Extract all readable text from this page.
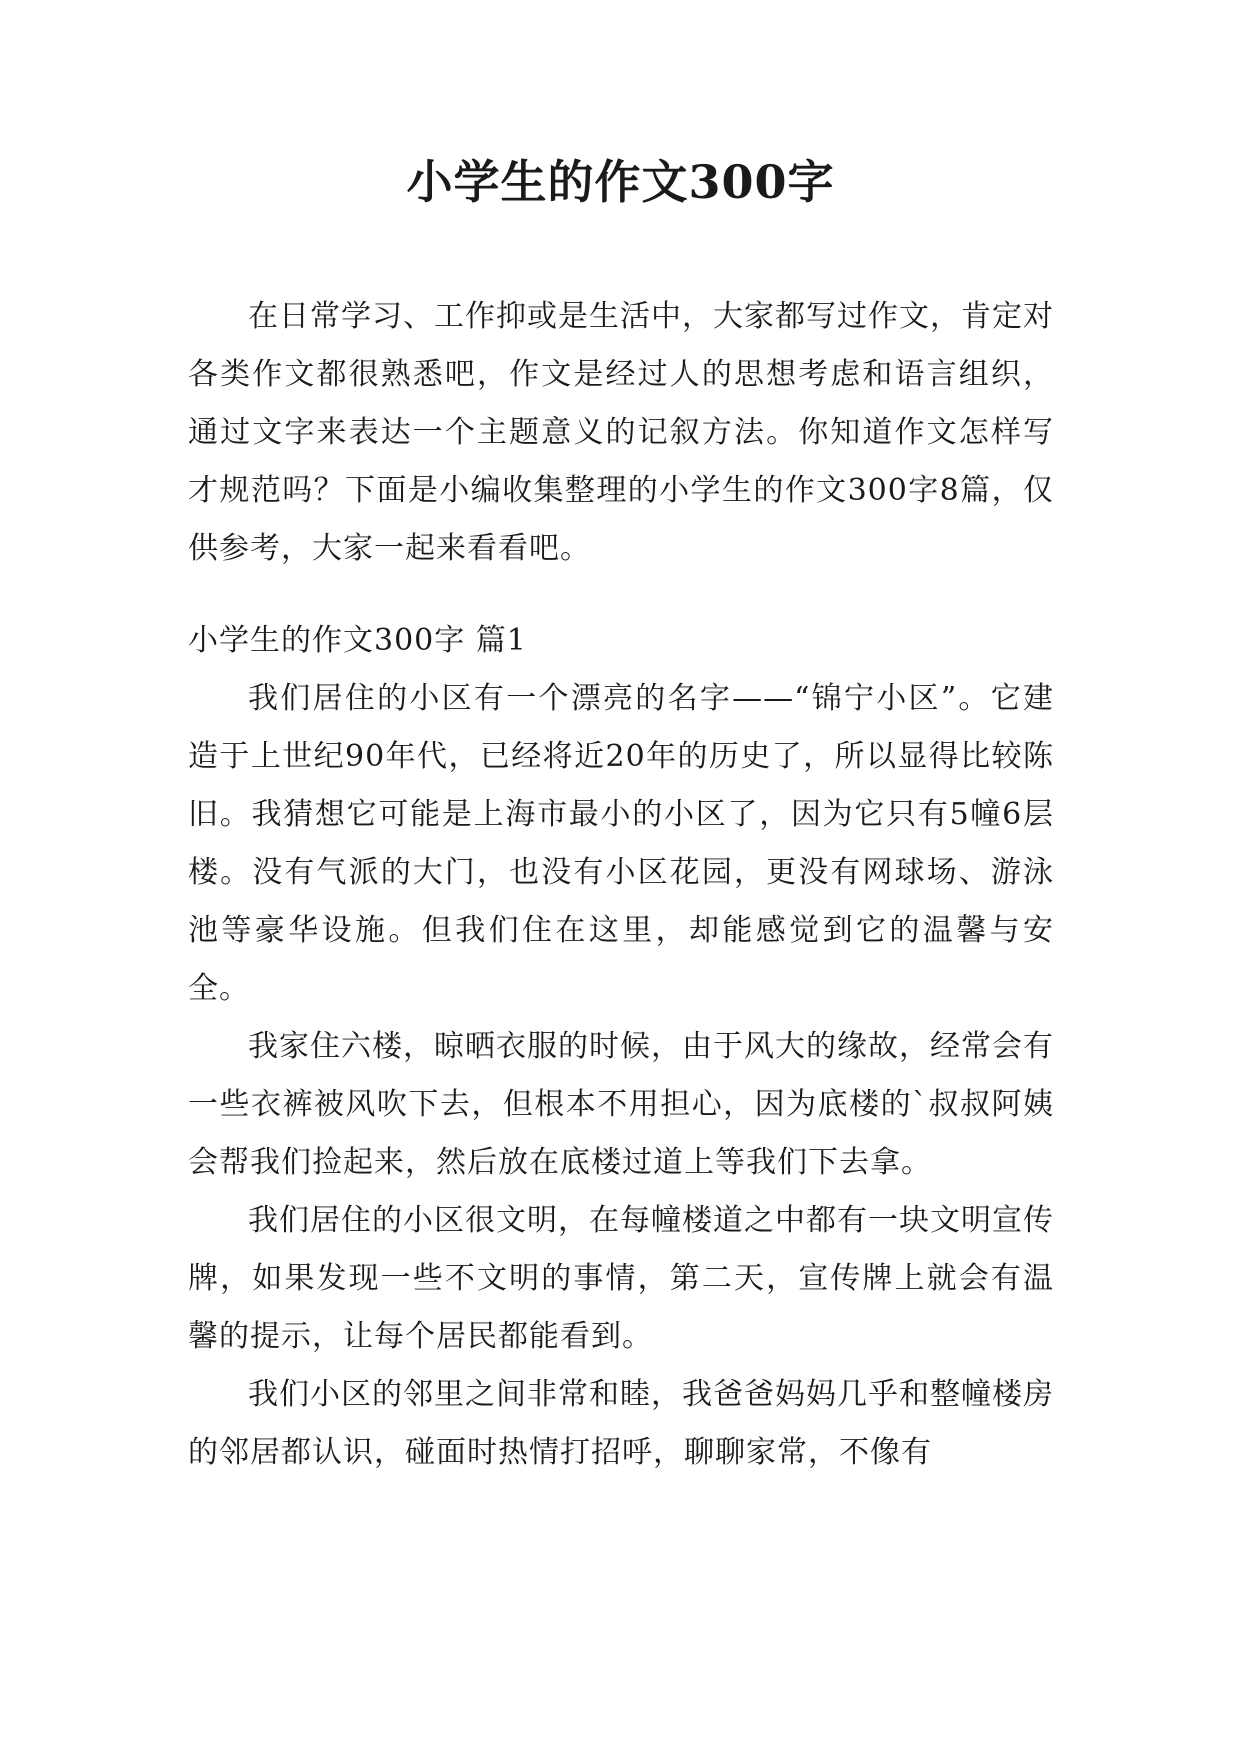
小学生的作文300字

在日常学习、工作抑或是生活中，大家都写过作文，肯定对各类作文都很熟悉吧，作文是经过人的思想考虑和语言组织，通过文字来表达一个主题意义的记叙方法。你知道作文怎样写才规范吗？下面是小编收集整理的小学生的作文300字8篇，仅供参考，大家一起来看看吧。

小学生的作文300字 篇1

我们居住的小区有一个漂亮的名字——“锦宁小区”。它建造于上世纪90年代，已经将近20年的历史了，所以显得比较陈旧。我猜想它可能是上海市最小的小区了，因为它只有5幢6层楼。没有气派的大门，也没有小区花园，更没有网球场、游泳池等豪华设施。但我们住在这里，却能感觉到它的温馨与安全。

我家住六楼，晾晒衣服的时候，由于风大的缘故，经常会有一些衣裤被风吹下去，但根本不用担心，因为底楼的`叔叔阿姨会帮我们捡起来，然后放在底楼过道上等我们下去拿。

我们居住的小区很文明，在每幢楼道之中都有一块文明宣传牌，如果发现一些不文明的事情，第二天，宣传牌上就会有温馨的提示，让每个居民都能看到。

我们小区的邻里之间非常和睦，我爸爸妈妈几乎和整幢楼房的邻居都认识，碰面时热情打招呼，聊聊家常，不像有
